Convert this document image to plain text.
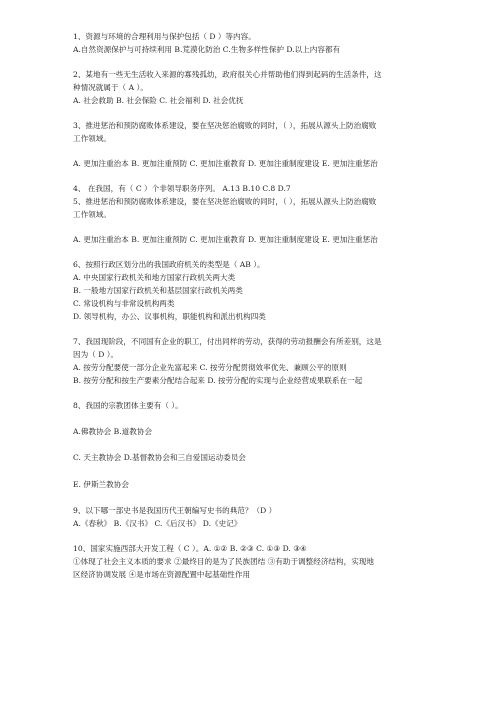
1、资源与环境的合理利用与保护包括（ D ）等内容。
A.自然资源保护与可持续利用 B.荒漠化防治 C.生物多样性保护 D.以上内容都有
2、某地有一些无生活收入来源的寡残孤幼，政府很关心并帮助他们得到起码的生活条件，这
种情况就属于（ A ）。
A. 社会救助 B. 社会保险 C. 社会福利 D. 社会优抚
3、推进惩治和预防腐败体系建设，要在坚决惩治腐败的同时，（ ），拓展从源头上防治腐败
工作领域。
A. 更加注重治本 B. 更加注重预防 C. 更加注重教育 D. 更加注重制度建设 E. 更加注重惩治
4、 在我国，有（ C ）个非领导职务序列。 A.13 B.10 C.8 D.7
5、推进惩治和预防腐败体系建设，要在坚决惩治腐败的同时，（ ），拓展从源头上防治腐败
工作领域。
A. 更加注重治本 B. 更加注重预防 C. 更加注重教育 D. 更加注重制度建设 E. 更加注重惩治
6、按照行政区划分出的我国政府机关的类型是（ AB ）。
A. 中央国家行政机关和地方国家行政机关两大类
B. 一般地方国家行政机关和基层国家行政机关两类
C. 常设机构与非常设机构两类
D. 领导机构，办公、议事机构，职能机构和派出机构四类
7、我国现阶段，不同国有企业的职工，付出同样的劳动，获得的劳动报酬会有所差别，这是
因为（ D ）。
A. 按劳分配要使一部分企业先富起来 C. 按劳分配贯彻效率优先、兼顾公平的原则
B. 按劳分配和按生产要素分配结合起来 D. 按劳分配的实现与企业经营成果联系在一起
8、我国的宗教团体主要有（ ）。
A.佛教协会 B.道教协会
C. 天主教协会 D.基督教协会和三自爱国运动委员会
E. 伊斯兰教协会
9、以下哪一部史书是我国历代王朝编写史书的典范？（D ）
A.《春秋》 B.《汉书》 C.《后汉书》 D.《史记》
10、国家实施西部大开发工程（ C ）。A. ①② B. ②③ C. ①③ D. ③④
①体现了社会主义本质的要求 ②最终目的是为了民族团结 ③有助于调整经济结构，实现地
区经济协调发展 ④是市场在资源配置中起基础性作用
